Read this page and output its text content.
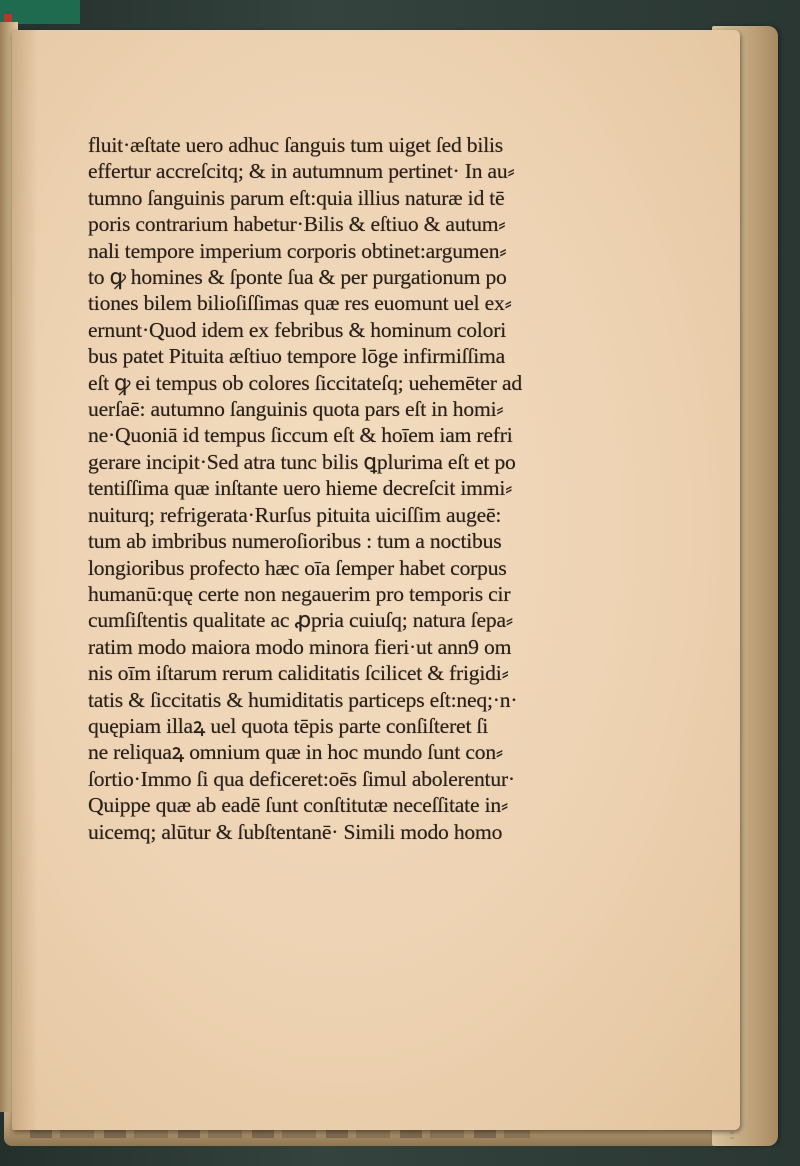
fluit·æſtate uero adhuc ſanguis tum uiget ſed bilis
effertur accreſcitq; & in autumnum pertinet· In au⸗
tumno ſanguinis parum eſt:quia illius naturæ id tē
poris contrarium habetur·Bilis & eſtiuo & autum⸗
nali tempore imperium corporis obtinet:argumen⸗
to ꝙ homines & ſponte ſua & per purgationum po
tiones bilem bilioſiſſimas quæ res euomunt uel ex⸗
ernunt·Quod idem ex febribus & hominum colori
bus patet Pituita æſtiuo tempore lōge infirmiſſima
eſt ꝙ ei tempus ob colores ſiccitateſq; uehemēter ad
uerſaē: autumno ſanguinis quota pars eſt in homi⸗
ne·Quoniā id tempus ſiccum eſt & hoīem iam refri
gerare incipit·Sed atra tunc bilis ꝗplurima eſt et po
tentiſſima quæ inſtante uero hieme decreſcit immi⸗
nuiturq; refrigerata·Rurſus pituita uiciſſim augeē:
tum ab imbribus numeroſioribus : tum a noctibus
longioribus profecto hæc oīa ſemper habet corpus
humanū:quę certe non negauerim pro temporis cir
cumſiſtentis qualitate ac ꝓpria cuiuſq; natura ſepa⸗
ratim modo maiora modo minora fieri·ut ann9 om
nis oīm iſtarum rerum caliditatis ſcilicet & frigidi⸗
tatis & ſiccitatis & humiditatis particeps eſt:neq;·n·
quępiam illaꝝ uel quota tēpis parte conſiſteret ſi
ne reliquaꝝ omnium quæ in hoc mundo ſunt con⸗
ſortio·Immo ſi qua deficeret:oēs ſimul abolerentur·
Quippe quæ ab eadē ſunt conſtitutæ neceſſitate in⸗
uicemq; alūtur & ſubſtentanē· Simili modo homo
